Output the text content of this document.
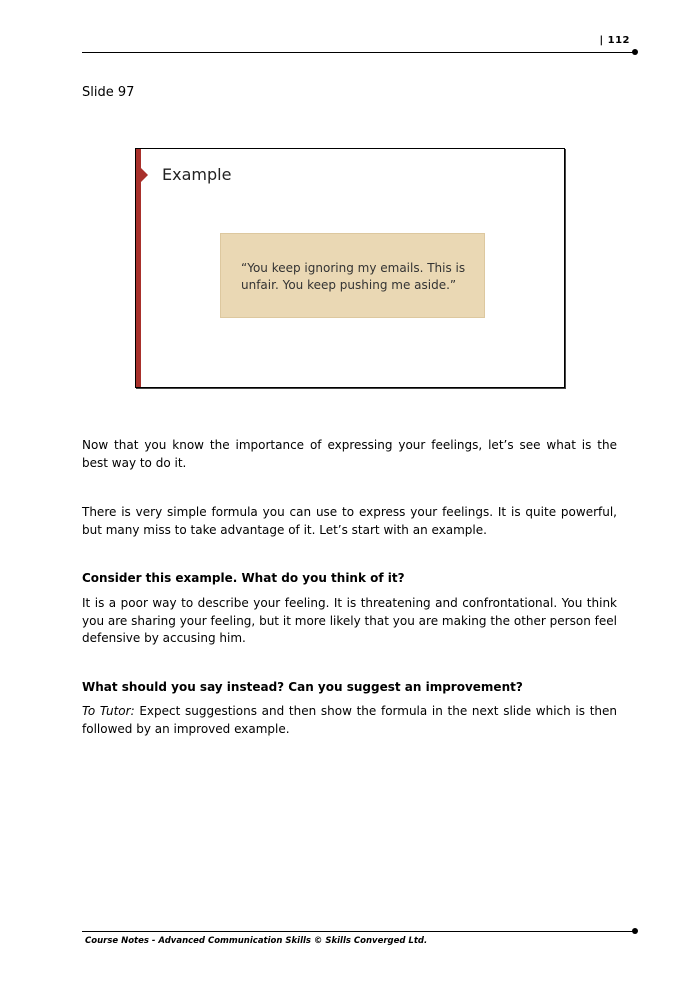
| 112
Slide 97
Example
“You keep ignoring my emails. This is unfair. You keep pushing me aside.”
Now that you know the importance of expressing your feelings, let’s see what is the best way to do it.
There is very simple formula you can use to express your feelings. It is quite powerful, but many miss to take advantage of it. Let’s start with an example.
Consider this example. What do you think of it?
It is a poor way to describe your feeling. It is threatening and confrontational. You think you are sharing your feeling, but it more likely that you are making the other person feel defensive by accusing him.
What should you say instead? Can you suggest an improvement?
To Tutor: Expect suggestions and then show the formula in the next slide which is then followed by an improved example.
Course Notes - Advanced Communication Skills © Skills Converged Ltd.
